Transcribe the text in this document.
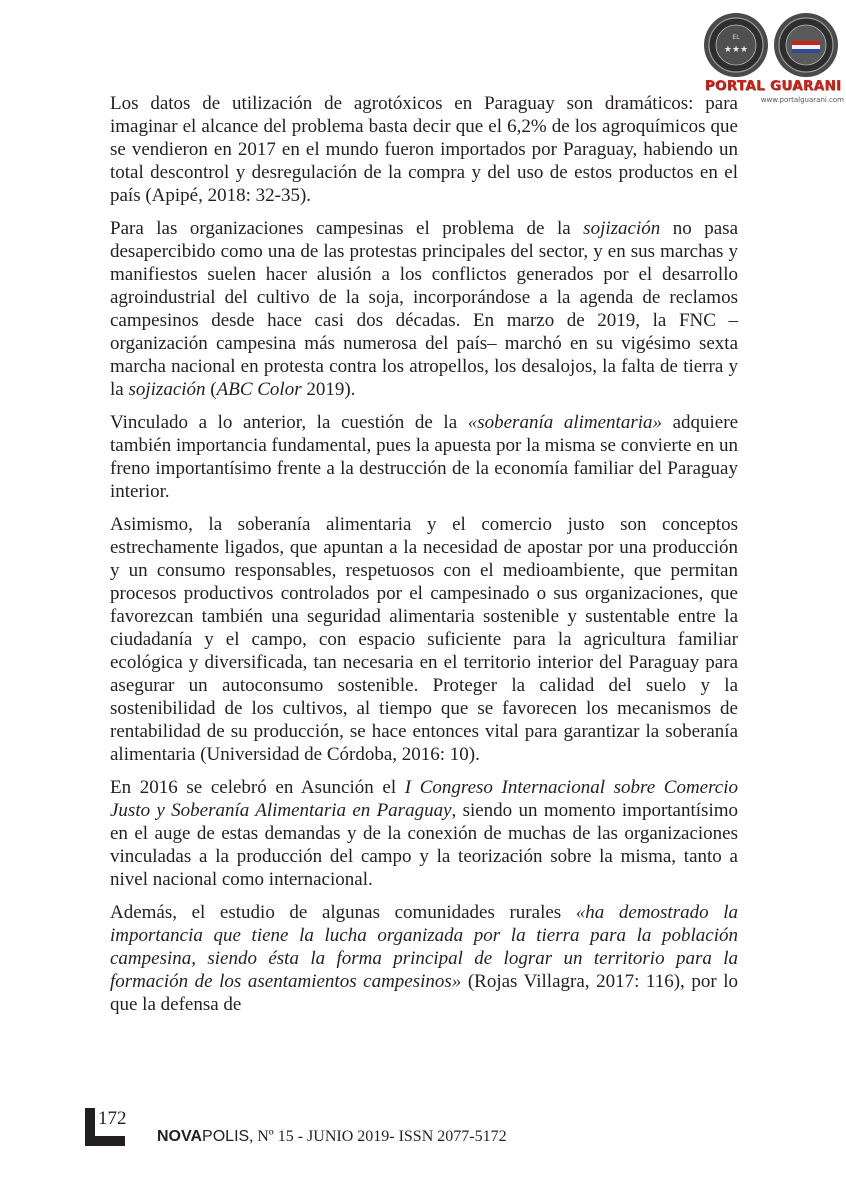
EL
★★★
PORTAL GUARANI
www.portalguarani.com

Los datos de utilización de agrotóxicos en Paraguay son dramáticos: para imaginar el alcance del problema basta decir que el 6,2% de los agroquímicos que se vendieron en 2017 en el mundo fueron importados por Paraguay, habiendo un total descontrol y desregulación de la compra y del uso de estos productos en el país (Apipé, 2018: 32-35).

Para las organizaciones campesinas el problema de la sojización no pasa desapercibido como una de las protestas principales del sector, y en sus marchas y manifiestos suelen hacer alusión a los conflictos generados por el desarrollo agroindustrial del cultivo de la soja, incorporándose a la agenda de reclamos campesinos desde hace casi dos décadas. En marzo de 2019, la FNC –organización campesina más numerosa del país– marchó en su vigésimo sexta marcha nacional en protesta contra los atropellos, los desalojos, la falta de tierra y la sojización (ABC Color 2019).

Vinculado a lo anterior, la cuestión de la «soberanía alimentaria» adquiere también importancia fundamental, pues la apuesta por la misma se convierte en un freno importantísimo frente a la destrucción de la economía familiar del Paraguay interior.

Asimismo, la soberanía alimentaria y el comercio justo son conceptos estrechamente ligados, que apuntan a la necesidad de apostar por una producción y un consumo responsables, respetuosos con el medioambiente, que permitan procesos productivos controlados por el campesinado o sus organizaciones, que favorezcan también una seguridad alimentaria sostenible y sustentable entre la ciudadanía y el campo, con espacio suficiente para la agricultura familiar ecológica y diversificada, tan necesaria en el territorio interior del Paraguay para asegurar un autoconsumo sostenible. Proteger la calidad del suelo y la sostenibilidad de los cultivos, al tiempo que se favorecen los mecanismos de rentabilidad de su producción, se hace entonces vital para garantizar la soberanía alimentaria (Universidad de Córdoba, 2016: 10).

En 2016 se celebró en Asunción el I Congreso Internacional sobre Comercio Justo y Soberanía Alimentaria en Paraguay, siendo un momento importantísimo en el auge de estas demandas y de la conexión de muchas de las organizaciones vinculadas a la producción del campo y la teorización sobre la misma, tanto a nivel nacional como internacional.

Además, el estudio de algunas comunidades rurales «ha demostrado la importancia que tiene la lucha organizada por la tierra para la población campesina, siendo ésta la forma principal de lograr un territorio para la formación de los asentamientos campesinos» (Rojas Villagra, 2017: 116), por lo que la defensa de

172
NOVAPOLIS, Nº 15 - JUNIO 2019- ISSN 2077-5172
